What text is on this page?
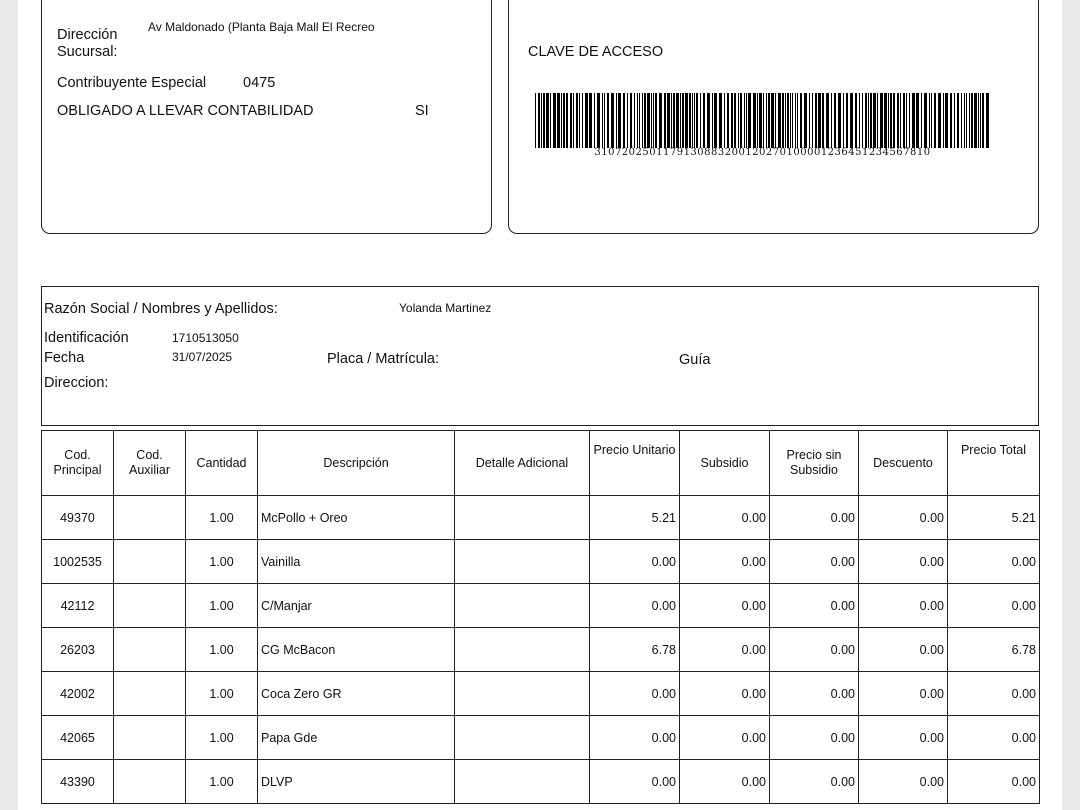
Dirección Sucursal:
Av Maldonado (Planta Baja Mall El Recreo
Contribuyente Especial	0475
OBLIGADO A LLEVAR CONTABILIDAD	SI
CLAVE DE ACCESO
3107202501179130883200120270100001236451234567810
Razón Social / Nombres y Apellidos:	Yolanda Martinez
Identificación	1710513050
Fecha	31/07/2025	Placa / Matrícula:	Guía
Direccion:
Cod. Principal	Cod. Auxiliar	Cantidad	Descripción	Detalle Adicional	Precio Unitario	Subsidio	Precio sin Subsidio	Descuento	Precio Total
49370		1.00	McPollo + Oreo		5.21	0.00	0.00	0.00	5.21
1002535		1.00	Vainilla		0.00	0.00	0.00	0.00	0.00
42112		1.00	C/Manjar		0.00	0.00	0.00	0.00	0.00
26203		1.00	CG McBacon		6.78	0.00	0.00	0.00	6.78
42002		1.00	Coca Zero GR		0.00	0.00	0.00	0.00	0.00
42065		1.00	Papa Gde		0.00	0.00	0.00	0.00	0.00
43390		1.00	DLVP		0.00	0.00	0.00	0.00	0.00
